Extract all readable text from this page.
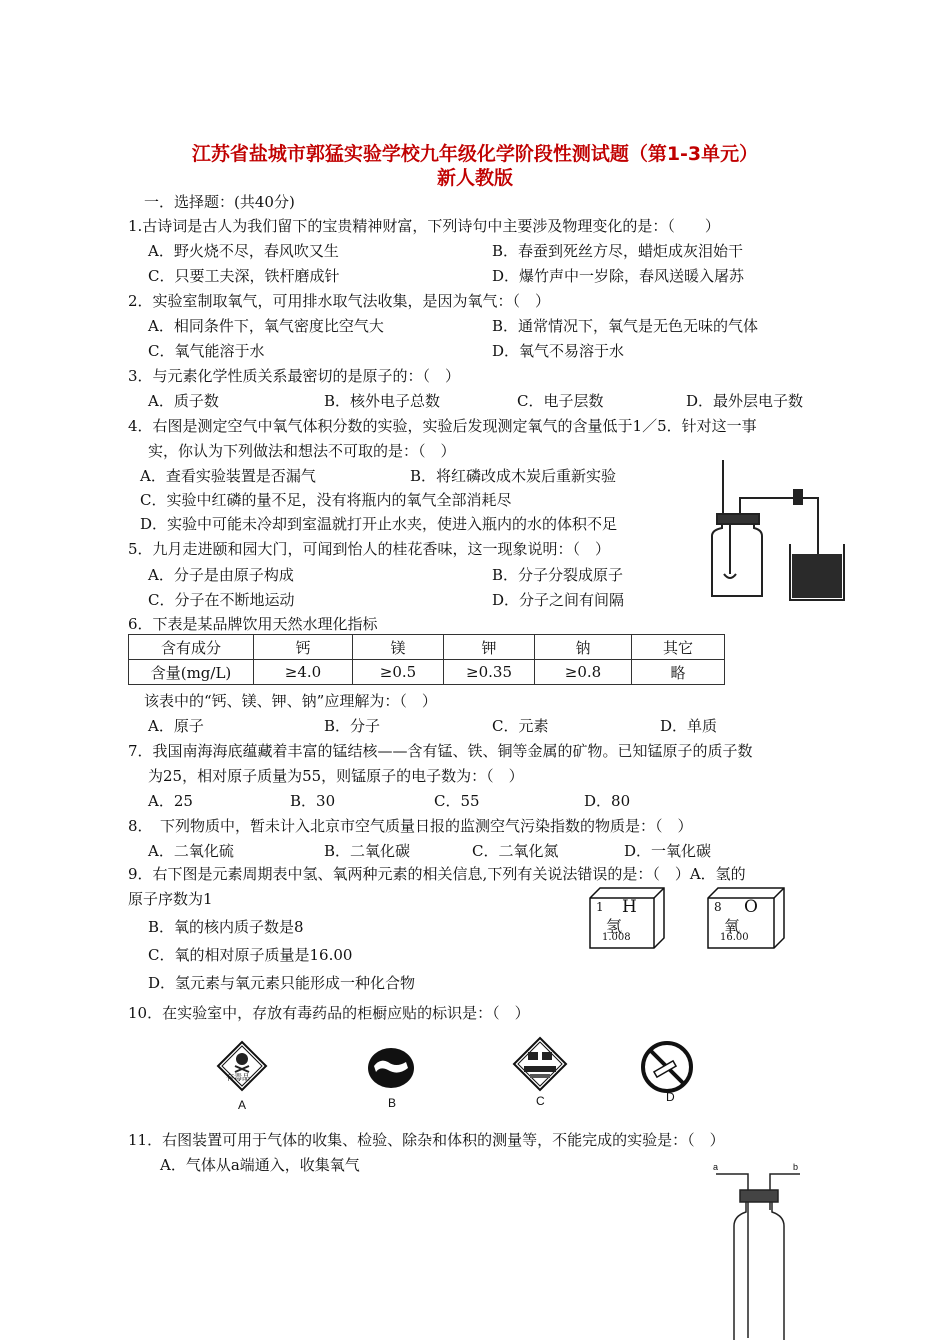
江苏省盐城市郭猛实验学校九年级化学阶段性测试题（第1-3单元）
新人教版
一．选择题：(共40分)
1.古诗词是古人为我们留下的宝贵精神财富，下列诗句中主要涉及物理变化的是：（　　）
A．野火烧不尽，春风吹又生	B．春蚕到死丝方尽，蜡炬成灰泪始干
C．只要工夫深，铁杆磨成针	D．爆竹声中一岁除，春风送暖入屠苏
2．实验室制取氧气，可用排水取气法收集，是因为氧气：（　）
A．相同条件下，氧气密度比空气大	B．通常情况下，氧气是无色无味的气体
C．氧气能溶于水	D．氧气不易溶于水
3．与元素化学性质关系最密切的是原子的：（　）
A．质子数	B．核外电子总数	C．电子层数	D．最外层电子数
4．右图是测定空气中氧气体积分数的实验，实验后发现测定氧气的含量低于1／5．针对这一事
实，你认为下列做法和想法不可取的是：（　）
A．查看实验装置是否漏气	B．将红磷改成木炭后重新实验
C．实验中红磷的量不足，没有将瓶内的氧气全部消耗尽
D．实验中可能未冷却到室温就打开止水夹，使进入瓶内的水的体积不足
5．九月走进颐和园大门，可闻到怡人的桂花香味，这一现象说明：（　）
A．分子是由原子构成	B．分子分裂成原子
C．分子在不断地运动	D．分子之间有间隔
6．下表是某品牌饮用天然水理化指标
含有成分	钙	镁	钾	钠	其它
含量(mg/L)	≥4.0	≥0.5	≥0.35	≥0.8	略
该表中的“钙、镁、钾、钠”应理解为：（　）
A．原子	B．分子	C．元素	D．单质
7．我国南海海底蕴藏着丰富的锰结核——含有锰、铁、铜等金属的矿物。已知锰原子的质子数
为25，相对原子质量为55，则锰原子的电子数为：（　）
A．25	B．30	C．55	D．80
8．　下列物质中，暂未计入北京市空气质量日报的监测空气污染指数的物质是：（　）
A．二氧化硫	B．二氧化碳	C．二氧化氮	D．一氧化碳
9．右下图是元素周期表中氢、氧两种元素的相关信息,下列有关说法错误的是：（　）A．氢的
原子序数为1
B．氧的核内质子数是8
C．氧的相对原子质量是16.00
D．氢元素与氧元素只能形成一种化合物
1 H
氢
1.008
8 O
氧
16.00
10．在实验室中，存放有毒药品的柜橱应贴的标识是：（　）
有毒品
A	B	C	D
11．右图装置可用于气体的收集、检验、除杂和体积的测量等，不能完成的实验是：（　）
A．气体从a端通入，收集氧气	a	b
